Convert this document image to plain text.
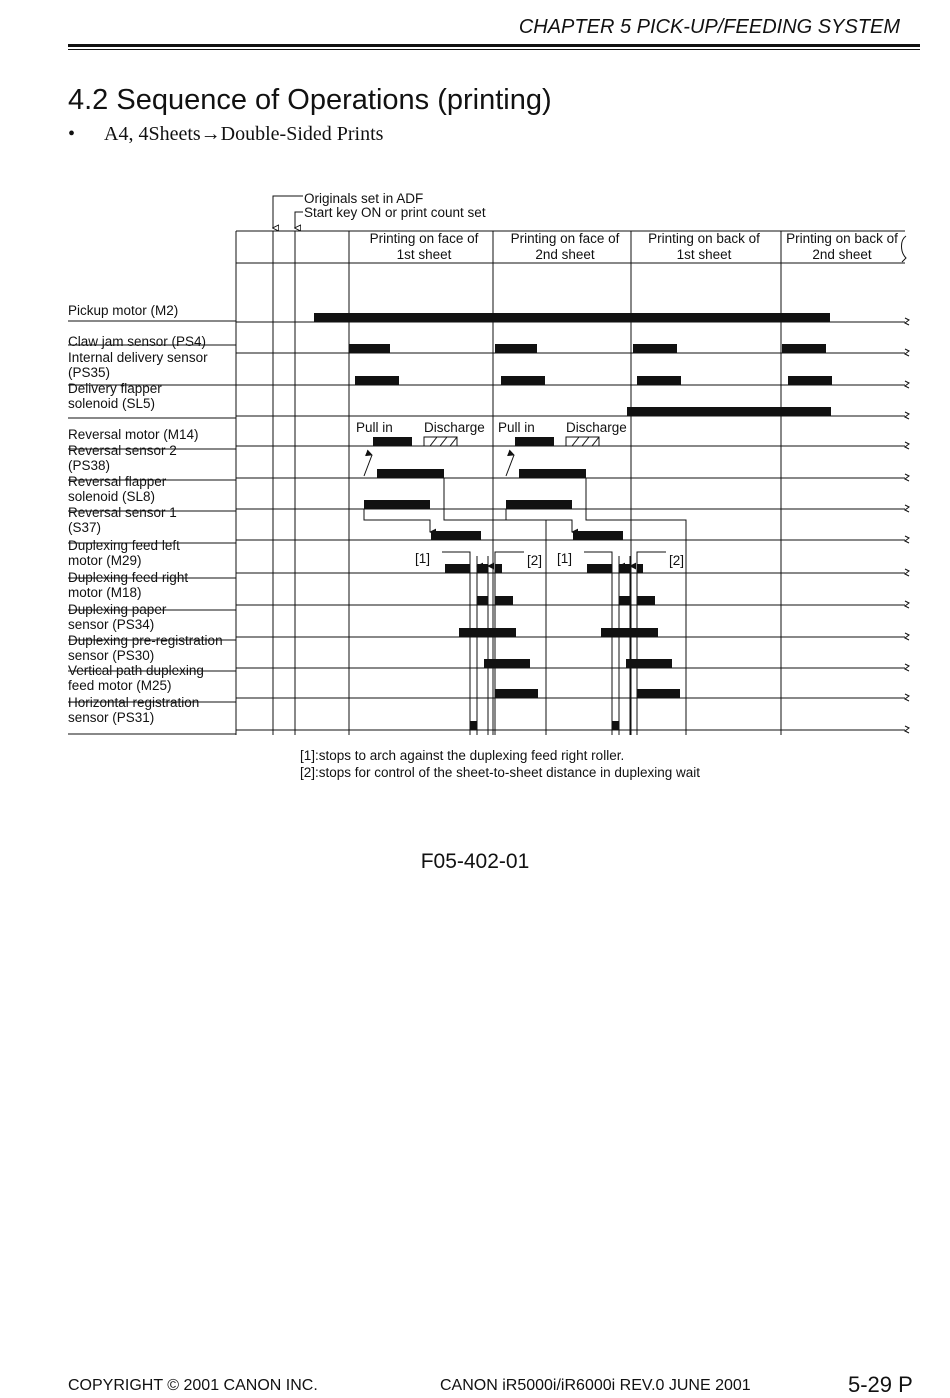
CHAPTER 5 PICK-UP/FEEDING SYSTEM
4.2 Sequence of Operations (printing)
• A4, 4Sheets→Double-Sided Prints
Pickup motor (M2)
Claw jam sensor (PS4)
Internal delivery sensor
(PS35)
Delivery flapper
solenoid (SL5)
Reversal motor (M14)
Reversal sensor 2
(PS38)
Reversal flapper
solenoid (SL8)
Reversal sensor 1
(S37)
Duplexing feed left
motor (M29)
Duplexing feed right
motor (M18)
Duplexing paper
sensor (PS34)
Duplexing pre-registration
sensor (PS30)
Vertical path duplexing
feed motor (M25)
Horizontal registration
sensor (PS31)
Originals set in ADF
Start key ON or print count set
Printing on face of
1st sheet
Printing on face of
2nd sheet
Printing on back of
1st sheet
Printing on back of
2nd sheet
Pull in Discharge Pull in Discharge
[1]	[2] [1]	[2]
[1]:stops to arch against the duplexing feed right roller.
[2]:stops for control of the sheet-to-sheet distance in duplexing wait
F05-402-01
COPYRIGHT © 2001 CANON INC.	CANON iR5000i/iR6000i REV.0 JUNE 2001	5-29 P
